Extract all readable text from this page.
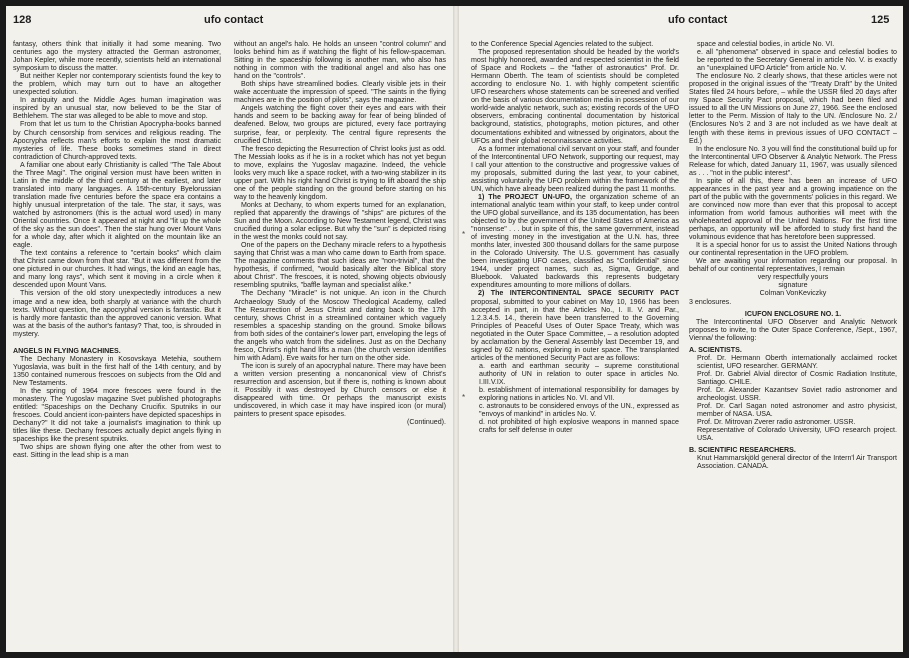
128	ufo contact

fantasy, others think that initially it had some meaning. Two centuries ago the mystery attracted the German astronomer, Johan Kepler, while more recently, scientists held an international symposium to discuss the matter.

But neither Kepler nor contemporary scientists found the key to the problem, which may turn out to have an altogether unexpected solution.

In antiquity and the Middle Ages human imagination was inspired by an unusual star, now believed to be the Star of Bethlehem. The star was alleged to be able to move and stop.

From that let us turn to the Christian Apocrypha-books banned by Church censorship from services and religious reading. The Apocrypha reflects man's efforts to explain the most dramatic mysteries of life. These books sometimes stand in direct contradiction of Church-approved texts.

A familiar one about early Christianity is called "The Tale About the Three Magi". The original version must have been written in Latin in the middle of the third century at the earliest, and later translated into many languages. A 15th-century Byelorussian translation made five centuries before the space era contains a highly unusual interpretation of the tale. The star, it says, was watched by astronomers (this is the actual word used) in many Oriental countries. Once it appeared at night and "lit up the whole of the sky as the sun does". Then the star hung over Mount Vans for a whole day, after which it alighted on the mountain like an eagle.

The text contains a reference to "certain books" which claim that Christ came down from that star. "But it was different from the one pictured in our churches. It had wings, the kind an eagle has, and many long rays", which sent it moving in a circle when it descended upon Mount Vans.

This version of the old story unexpectedly introduces a new image and a new idea, both sharply at variance with the church texts. Without question, the apocryphal version is fantastic. But it is hardly more fantastic than the approved canonic version. What was at the basis of the author's fantasy? That, too, is shrouded in mystery.

ANGELS IN FLYING MACHINES.

The Dechany Monastery in Kosovskaya Metehia, southern Yugoslavia, was built in the first half of the 14th century, and by 1350 contained numerous frescoes on subjects from the Old and New Testaments.

In the spring of 1964 more frescoes were found in the monastery. The Yugoslav magazine Svet published photographs entitled: "Spaceships on the Dechany Crucifix. Sputniks in our frescoes. Could ancient icon-painters have depicted spaceships in Dechany?" It did not take a journalist's imagination to think up titles like these. Dechany frescoes actually depict angels flying in spaceships like the present sputniks.

Two ships are shown flying one after the other from west to east. Sitting in the lead ship is a man

without an angel's halo. He holds an unseen "control column" and looks behind him as if watching the flight of his fellow-spaceman. Sitting in the spaceship following is another man, who also has nothing in common with the traditional angel and also has one hand on the "controls".

Both ships have streamlined bodies. Clearly visible jets in their wake accentuate the impression of speed. "The saints in the flying machines are in the position of pilots", says the magazine.

Angels watching the flight cover their eyes and ears with their hands and seem to be backing away for fear of being blinded of deafened. Below, two groups are pictured, every face portraying surprise, fear, or perplexity. The central figure represents the crucified Christ.

The fresco depicting the Resurrection of Christ looks just as odd. The Messiah looks as if he is in a rocket which has not yet begun to move, explains the Yugoslav magazine. Indeed, the vehicle looks very much like a space rocket, with a two-wing stabilizer in its upper part. With his right hand Christ is trying to lift aboard the ship one of the people standing on the ground before starting on his way to the heavenly kingdom.

Monks at Dechany, to whom experts turned for an explanation, replied that apparently the drawings of "ships" are pictures of the Sun and the Moon. According to New Testament legend, Christ was crucified during a solar eclipse. But why the "sun" is depicted rising in the west the monks could not say.

One of the papers on the Dechany miracle refers to a hypothesis saying that Christ was a man who came down to Earth from space. The magazine comments that such ideas are "non-trivial", that the hypothesis, if confirmed, "would basically alter the Biblical story about Christ". The frescoes, it is noted, showing objects obviously resembling sputniks, "baffle layman and specialist alike."

The Dechany "Miracle" is not unique. An icon in the Church Archaeology Study of the Moscow Theological Academy, called The Resurrection of Jesus Christ and dating back to the 17th century, shows Christ in a streamlined container which vaguely resembles a spaceship standing on the ground. Smoke billows from both sides of the container's lower part, enveloping the legs of the angels who watch from the sidelines. Just as on the Dechany fresco, Christ's right hand lifts a man (the church version identifies him with Adam). Eve waits for her turn on the other side.

The icon is surely of an apocryphal nature. There may have been a written version presenting a noncanonical view of Christ's resurrection and ascension, but if there is, nothing is known about it. Possibly it was destroyed by Church censors or else it disappeared with time. Or perhaps the manuscript exists undiscovered, in which case it may have inspired icon (or mural) painters to present space episodes.

(Continued).

ufo contact	125
*
*

to the Conference Special Agencies related to the subject.

The proposed representation should be headed by the world's most highly honored, awarded and respected scientist in the field of Space and Rockets – the "father of astronautics" Prof. Dr. Hermann Oberth. The team of scientists should be completed according to enclosure No. 1. with highly competent scientific UFO researchers whose statements can be screened and verified on the basis of various documentation media in possession of our world-wide analytic network, such as; existing records of the UFO observers, embracing continental documentation by historical background, statistics, photographs, motion pictures, and other documentations exhibited and witnessed by originators, about the UFOs and their global reconnaissance activities.

As a former international civil servant on your staff, and founder of the Intercontinental UFO Network, supporting our request, may I call your attention to the constructive and progressive values of my proposals, submitted during the last year, to your cabinet, assisting voluntarily the UFO problem within the framework of the UN, which have already been realized during the past 11 months.

1) The PROJECT UN-UFO, the organization scheme of an international analytic team within your staff, to keep under control the UFO global surveillance, and its 135 documentation, has been objected to by the government of the United States of America as "nonsense" . . . but in spite of this, the same government, instead of investing money in the investigation at the U.N. has, three months later, invested 300 thousand dollars for the same purpose in the Colorado University. The U.S. government has casually been investigating UFO cases, classified as "Confidential" since 1944, under project names, such as, Sigma, Grudge, and Bluebook. Valuated backwards this represents budgetary expenditures amounting to more millions of dollars.

2) The INTERCONTINENTAL SPACE SECURITY PACT proposal, submitted to your cabinet on May 10, 1966 has been accepted in part, in that the Articles No., I. II. V. and Par., 1.2.3.4.5. 14., therein have been transferred to the Governing Principles of Peaceful Uses of Outer Space Treaty, which was negotiated in the Outer Space Committee, – a resolution adopted by acclamation by the General Assembly last December 19, and signed by 62 nations, exploring in outer space. The transplanted articles of the mentioned Security Pact are as follows:

a. earth and earthman security – supreme constitutional authority of UN in relation to outer space in articles No. I.III.V.IX.

b. establishment of international responsibility for damages by exploring nations in articles No. VI. and VII.

c. astronauts to be considered envoys of the UN., expressed as "envoys of mankind" in articles No. V.

d. not prohibited of high explosive weapons in manned space crafts for self defense in outer

space and celestial bodies, in article No. VI.

e. all "phenomena" observed in space and celestial bodies to be reported to the Secretary General in article No. V. is exactly an "unexplained UFO Article" from article No. V.

The enclosure No. 2 clearly shows, that these articles were not proposed in the original issues of the "Treaty Draft" by the United States filed 24 hours before, – while the USSR filed 20 days after my Space Security Pact proposal, which had been filed and issued to all the UN Missions on June 27, 1966. See the enclosed letter to the Perm. Mission of Italy to the UN. /Enclosure No. 2./ (Enclosures No's 2 and 3 are not included as we have dealt at length with these items in previous issues of UFO CONTACT – Ed.)

In the enclosure No. 3 you will find the constitutional build up for the Intercontinental UFO Observer & Analytic Network. The Press Release for which, dated January 11, 1967, was usually silenced as . . . "not in the public interest".

In spite of all this, there has been an increase of UFO appearances in the past year and a growing impatience on the part of the public with the governments' policies in this regard. We are convinced now more than ever that this proposal to accept information from world famous authorities will meet with the wholehearted approval of the United Nations. For the first time perhaps, an opportunity will be afforded to study first hand the voluminous evidence that has heretofore been suppressed.

It is a special honor for us to assist the United Nations through our continental representation in the UFO problem.

We are awaiting your information regarding our proposal. In behalf of our continental representatives, I remain

very respectfully yours

signature

Colman VonKeviczky

3 enclosures.

ICUFON ENCLOSURE NO. 1.

The Intercontinental UFO Observer and Analytic Network proposes to invite, to the Outer Space Conference, /Sept., 1967, Vienna/ the following:

A. SCIENTISTS.

Prof. Dr. Hermann Oberth internationally acclaimed rocket scientist, UFO researcher. GERMANY.

Prof. Dr. Gabriel Alvial director of Cosmic Radiation Institute, Santiago. CHILE.

Prof. Dr. Alexander Kazantsev Soviet radio astronomer and archeologist. USSR.

Prof. Dr. Carl Sagan noted astronomer and astro physicist, member of NASA. USA.

Prof. Dr. Mitrovan Zverer radio astronomer. USSR.

Representative of Colorado University, UFO research project. USA.

B. SCIENTIFIC RESEARCHERS.

Knut Hammarskjöld general director of the Intern'l Air Transport Association. CANADA.
